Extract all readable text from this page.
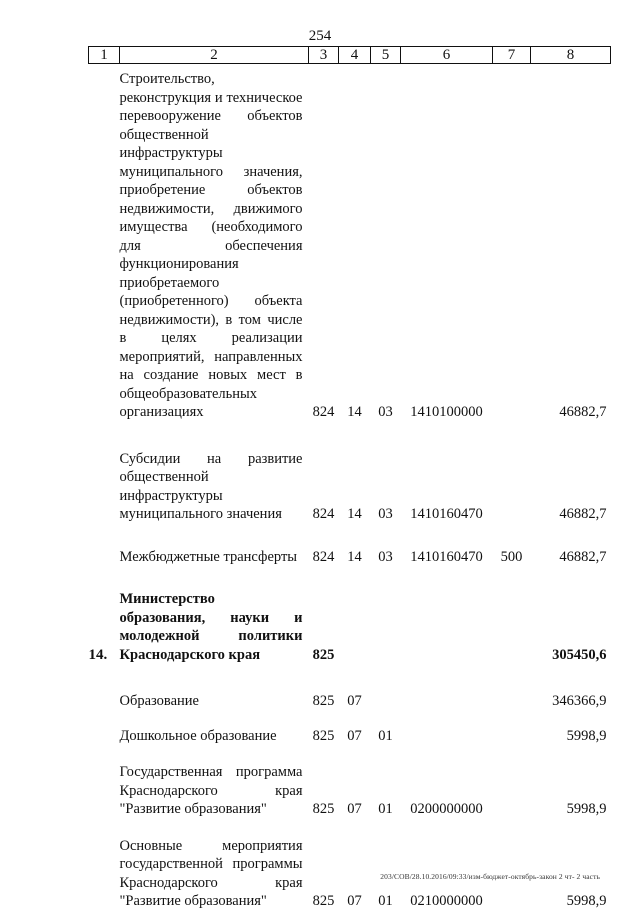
254
1	2	3	4	5	6	7	8
	Строительство, реконструкция и техническое перевооружение объектов общественной инфраструктуры муниципального значения, приобретение объектов недвижимости, движимого имущества (необходимого для обеспечения функционирования приобретаемого (приобретенного) объекта недвижимости), в том числе в целях реализации мероприятий, направленных на создание новых мест в общеобразовательных организациях	824	14	03	1410100000		46882,7
	Субсидии на развитие общественной инфраструктуры муниципального значения	824	14	03	1410160470		46882,7
	Межбюджетные трансферты	824	14	03	1410160470	500	46882,7
14.	Министерство образования, науки и молодежной политики Краснодарского края	825					305450,6
	Образование	825	07				346366,9
	Дошкольное образование	825	07	01			5998,9
	Государственная программа Краснодарского края "Развитие образования"	825	07	01	0200000000		5998,9
	Основные мероприятия государственной программы Краснодарского края "Развитие образования"	825	07	01	0210000000		5998,9
203/СОВ/28.10.2016/09:33/изм-бюджет-октябрь-закон 2 чт- 2 часть
